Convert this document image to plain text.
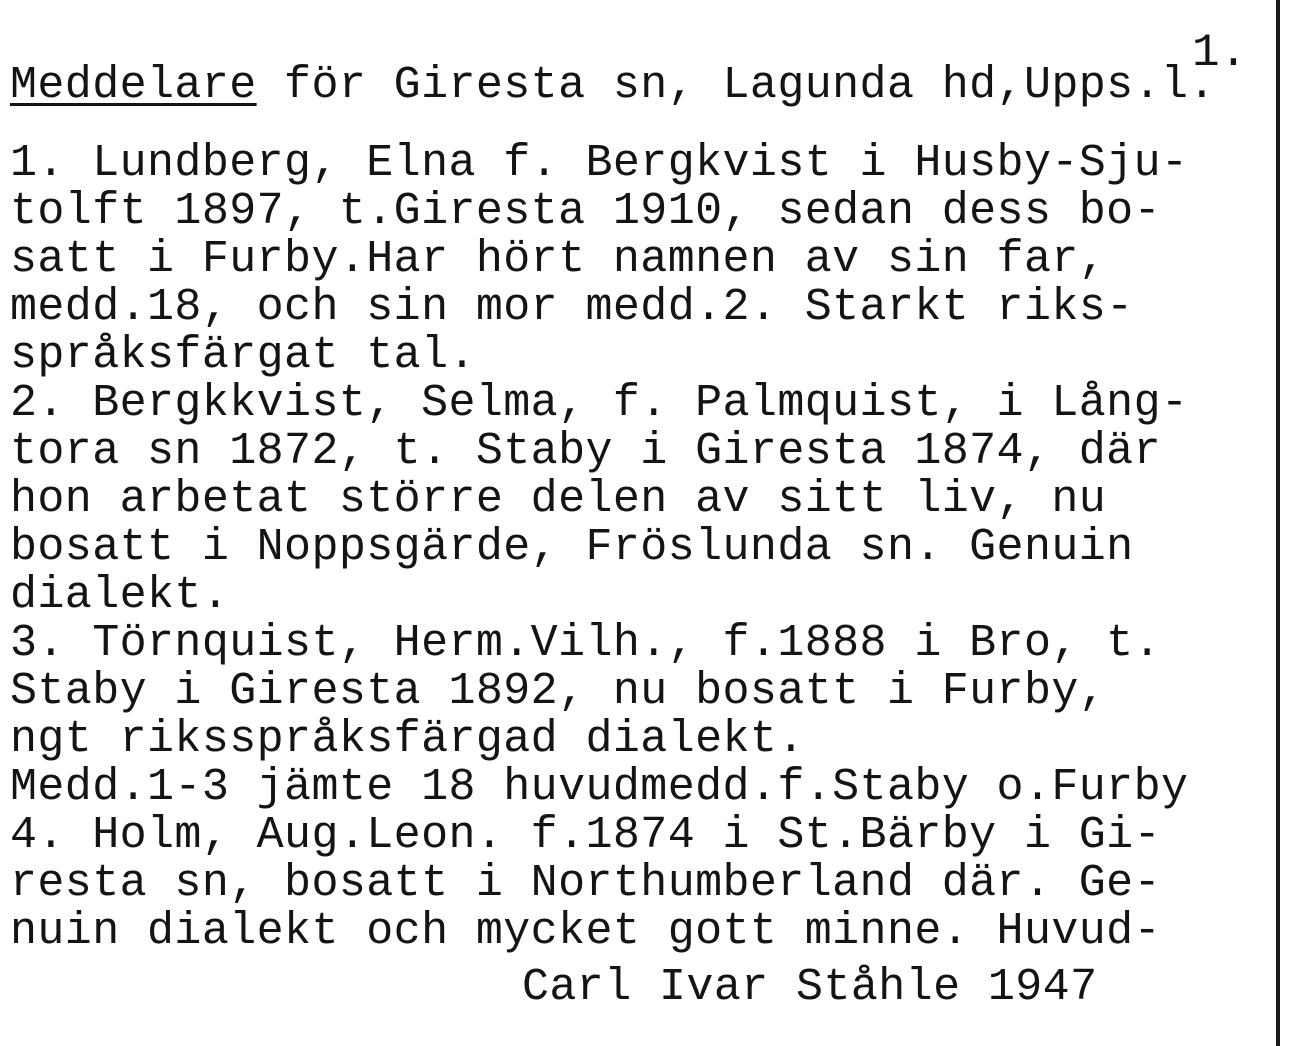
1.
Meddelare för Giresta sn, Lagunda hd,Upps.l.
1. Lundberg, Elna f. Bergkvist i Husby-Sju-
tolft 1897, t.Giresta 1910, sedan dess bo-
satt i Furby.Har hört namnen av sin far,
medd.18, och sin mor medd.2. Starkt riks-
språksfärgat tal.
2. Bergkkvist, Selma, f. Palmquist, i Lång-
tora sn 1872, t. Staby i Giresta 1874, där
hon arbetat större delen av sitt liv, nu
bosatt i Noppsgärde, Fröslunda sn. Genuin
dialekt.
3. Törnquist, Herm.Vilh., f.1888 i Bro, t.
Staby i Giresta 1892, nu bosatt i Furby,
ngt rikssprå​ksfärgad dialekt.
Medd.1-3 jämte 18 huvudmedd.f.Staby o.Furby
4. Holm, Aug.Leon. f.1874 i St.Bärby i Gi-
resta sn, bosatt i Northumberland där. Ge-
nuin dialekt och mycket gott minne. Huvud-
Carl Ivar Ståhle 1947
